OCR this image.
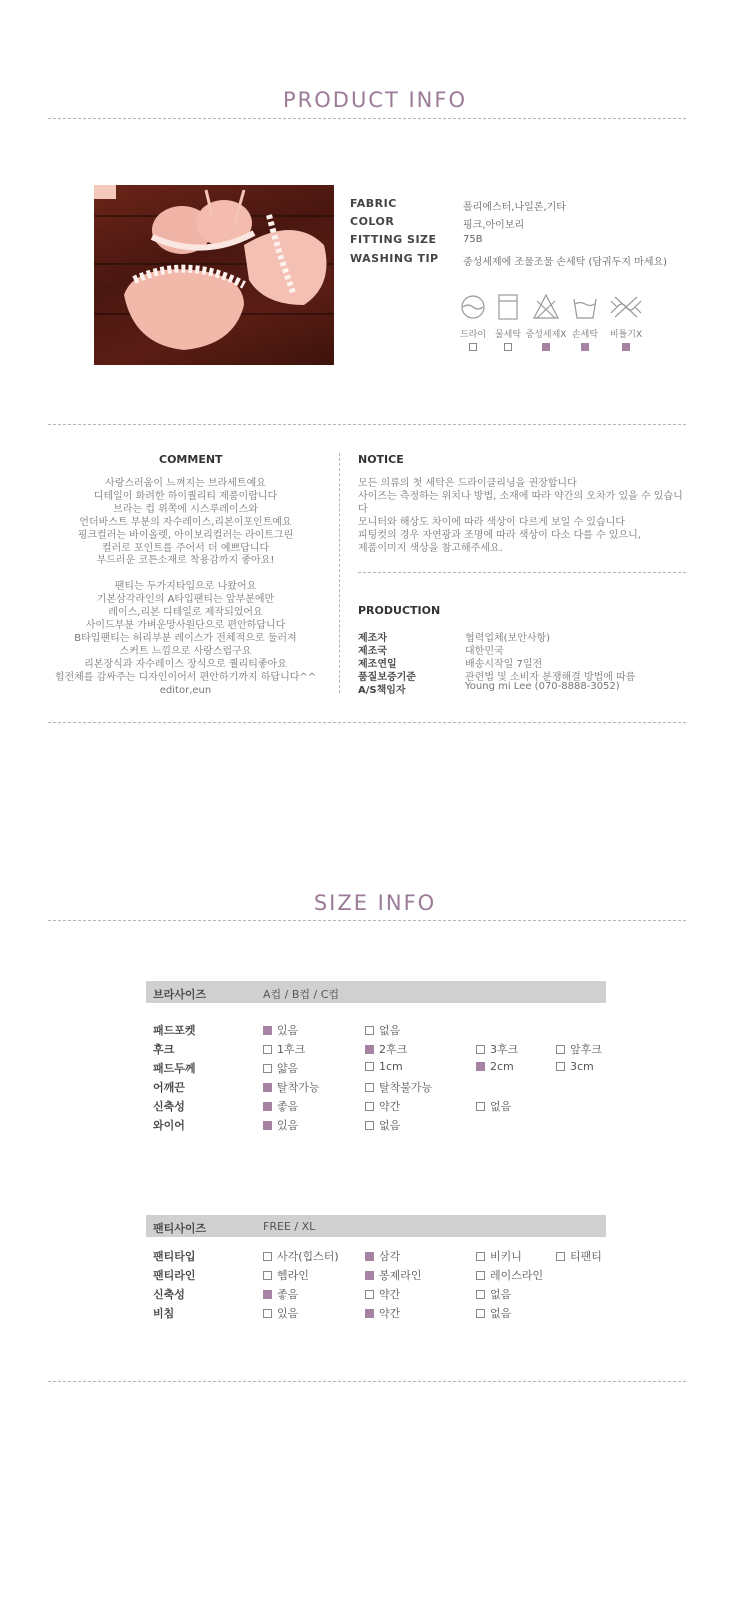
PRODUCT INFO
FABRIC	폴리에스터,나일론,기타
COLOR	핑크,아이보리
FITTING SIZE	75B
WASHING TIP 중성세제에 조물조물 손세탁 (담궈두지 마세요)
드라이 물세탁 중성세제X 손세탁	비틀기X
COMMENT
사랑스러움이 느껴지는 브라세트예요
디테일이 화려한 하이퀄리티 제품이랍니다
브라는 컵 위쪽에 시스루레이스와
언더바스트 부분의 자수레이스,리본이포인트예요
핑크컬러는 바이올렛, 아이보리컬러는 라이트그린
컬러로 포인트를 주어서 더 예쁘답니다
부드러운 코튼소재로 착용감까지 좋아요!

팬티는 두가지타입으로 나왔어요
기본삼각라인의 A타입팬티는 앞부분에만
레이스,리본 디테일로 제작되었어요
사이드부분 가벼운망사원단으로 편안하답니다
B타입팬티는 허리부분 레이스가 전체적으로 둘러져
스커트 느낌으로 사랑스럽구요
리본장식과 자수레이스 장식으로 퀄리티좋아요
힙전체를 감싸주는 디자인이어서 편안하기까지 하답니다^^
editor,eun
NOTICE
모든 의류의 첫 세탁은 드라이클리닝을 권장합니다
사이즈는 측정하는 위치나 방법, 소재에 따라 약간의 오차가 있을 수 있습니다
모니터와 해상도 차이에 따라 색상이 다르게 보일 수 있습니다
피팅컷의 경우 자연광과 조명에 따라 색상이 다소 다를 수 있으니,
제품이미지 색상을 참고해주세요.
PRODUCTION
제조자	협력업체(보안사항)
제조국	대한민국
제조연일	배송시작일 7일전
품질보증기준	관련법 및 소비자 분쟁해결 방법에 따름
A/S책임자	Young mi Lee (070-8888-3052)
SIZE INFO
브라사이즈	A컵 / B컵 / C컵
패드포켓	있음	없음
후크	1후크	2후크	3후크	앞후크
패드두께	얇음	1cm	2cm	3cm
어깨끈	탈착가능	탈착불가능
신축성	좋음	약간	없음
와이어	있음	없음
팬티사이즈	FREE / XL
팬티타입	사각(힙스터)	삼각	비키니	티팬티
팬티라인	헴라인	봉제라인	레이스라인
신축성	좋음	약간	없음
비침	있음	약간	없음
